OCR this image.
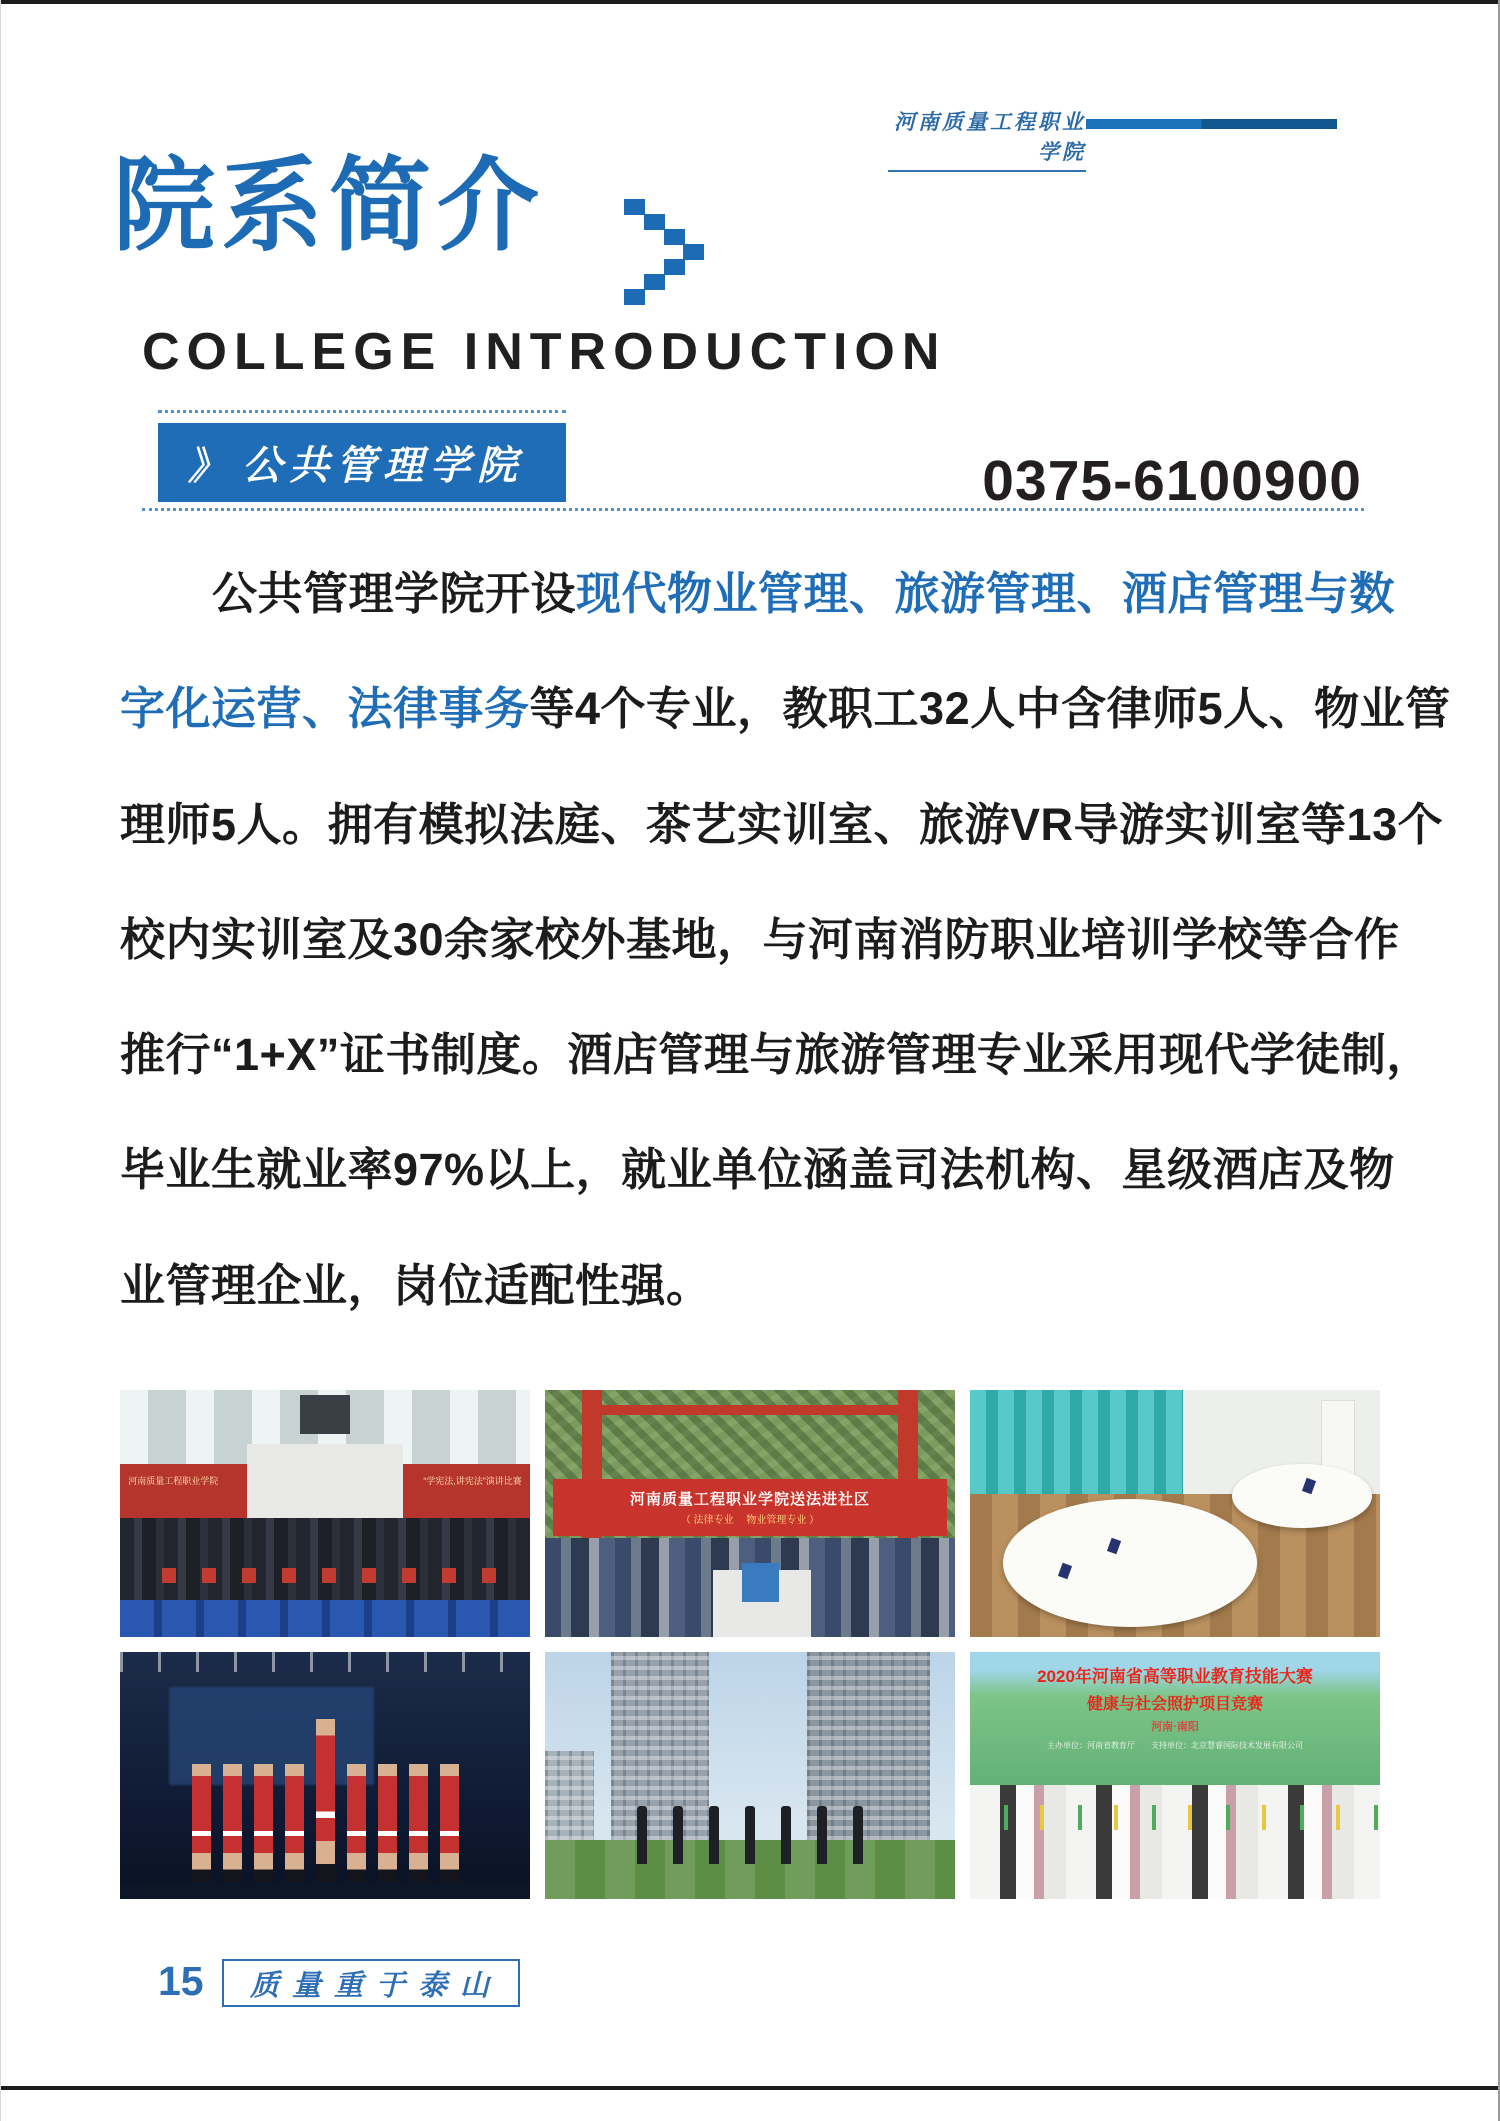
河南质量工程职业学院
院系简介
COLLEGE INTRODUCTION
》 公共管理学院	0375-6100900
公共管理学院开设现代物业管理、旅游管理、酒店管理与数
字化运营、法律事务等4个专业，教职工32人中含律师5人、物业管
理师5人。拥有模拟法庭、茶艺实训室、旅游VR导游实训室等13个
校内实训室及30余家校外基地，与河南消防职业培训学校等合作
推行“1+X”证书制度。酒店管理与旅游管理专业采用现代学徒制，
毕业生就业率97%以上，就业单位涵盖司法机构、星级酒店及物
业管理企业，岗位适配性强。
河南质量工程职业学院	“学宪法,讲宪法”演讲比赛
河南质量工程职业学院送法进社区
（ 法律专业　 物业管理专业 ）
2020年河南省高等职业教育技能大赛
健康与社会照护项目竞赛
河南·南阳
主办单位：河南省教育厅　　支持单位：北京慧睿国际技术发展有限公司
15 质量重于泰山
